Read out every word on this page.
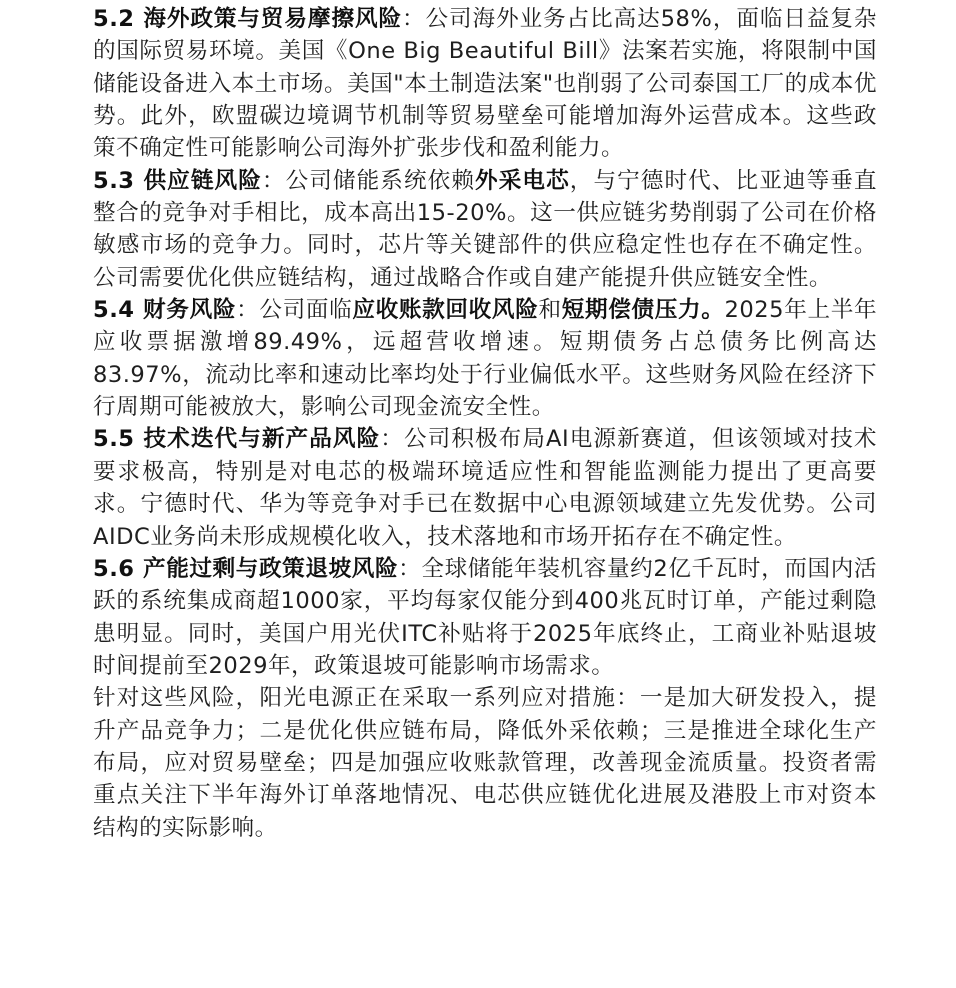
5.2 海外政策与贸易摩擦风险：公司海外业务占比高达58%，面临日益复杂的国际贸易环境。美国《One Big Beautiful Bill》法案若实施，将限制中国储能设备进入本土市场。美国"本土制造法案"也削弱了公司泰国工厂的成本优势。此外，欧盟碳边境调节机制等贸易壁垒可能增加海外运营成本。这些政策不确定性可能影响公司海外扩张步伐和盈利能力。

5.3 供应链风险：公司储能系统依赖外采电芯，与宁德时代、比亚迪等垂直整合的竞争对手相比，成本高出15-20%。这一供应链劣势削弱了公司在价格敏感市场的竞争力。同时，芯片等关键部件的供应稳定性也存在不确定性。公司需要优化供应链结构，通过战略合作或自建产能提升供应链安全性。

5.4 财务风险：公司面临应收账款回收风险和短期偿债压力。2025年上半年应收票据激增89.49%，远超营收增速。短期债务占总债务比例高达83.97%，流动比率和速动比率均处于行业偏低水平。这些财务风险在经济下行周期可能被放大，影响公司现金流安全性。

5.5 技术迭代与新产品风险：公司积极布局AI电源新赛道，但该领域对技术要求极高，特别是对电芯的极端环境适应性和智能监测能力提出了更高要求。宁德时代、华为等竞争对手已在数据中心电源领域建立先发优势。公司AIDC业务尚未形成规模化收入，技术落地和市场开拓存在不确定性。

5.6 产能过剩与政策退坡风险：全球储能年装机容量约2亿千瓦时，而国内活跃的系统集成商超1000家，平均每家仅能分到400兆瓦时订单，产能过剩隐患明显。同时，美国户用光伏ITC补贴将于2025年底终止，工商业补贴退坡时间提前至2029年，政策退坡可能影响市场需求。

针对这些风险，阳光电源正在采取一系列应对措施：一是加大研发投入，提升产品竞争力；二是优化供应链布局，降低外采依赖；三是推进全球化生产布局，应对贸易壁垒；四是加强应收账款管理，改善现金流质量。投资者需重点关注下半年海外订单落地情况、电芯供应链优化进展及港股上市对资本结构的实际影响。
